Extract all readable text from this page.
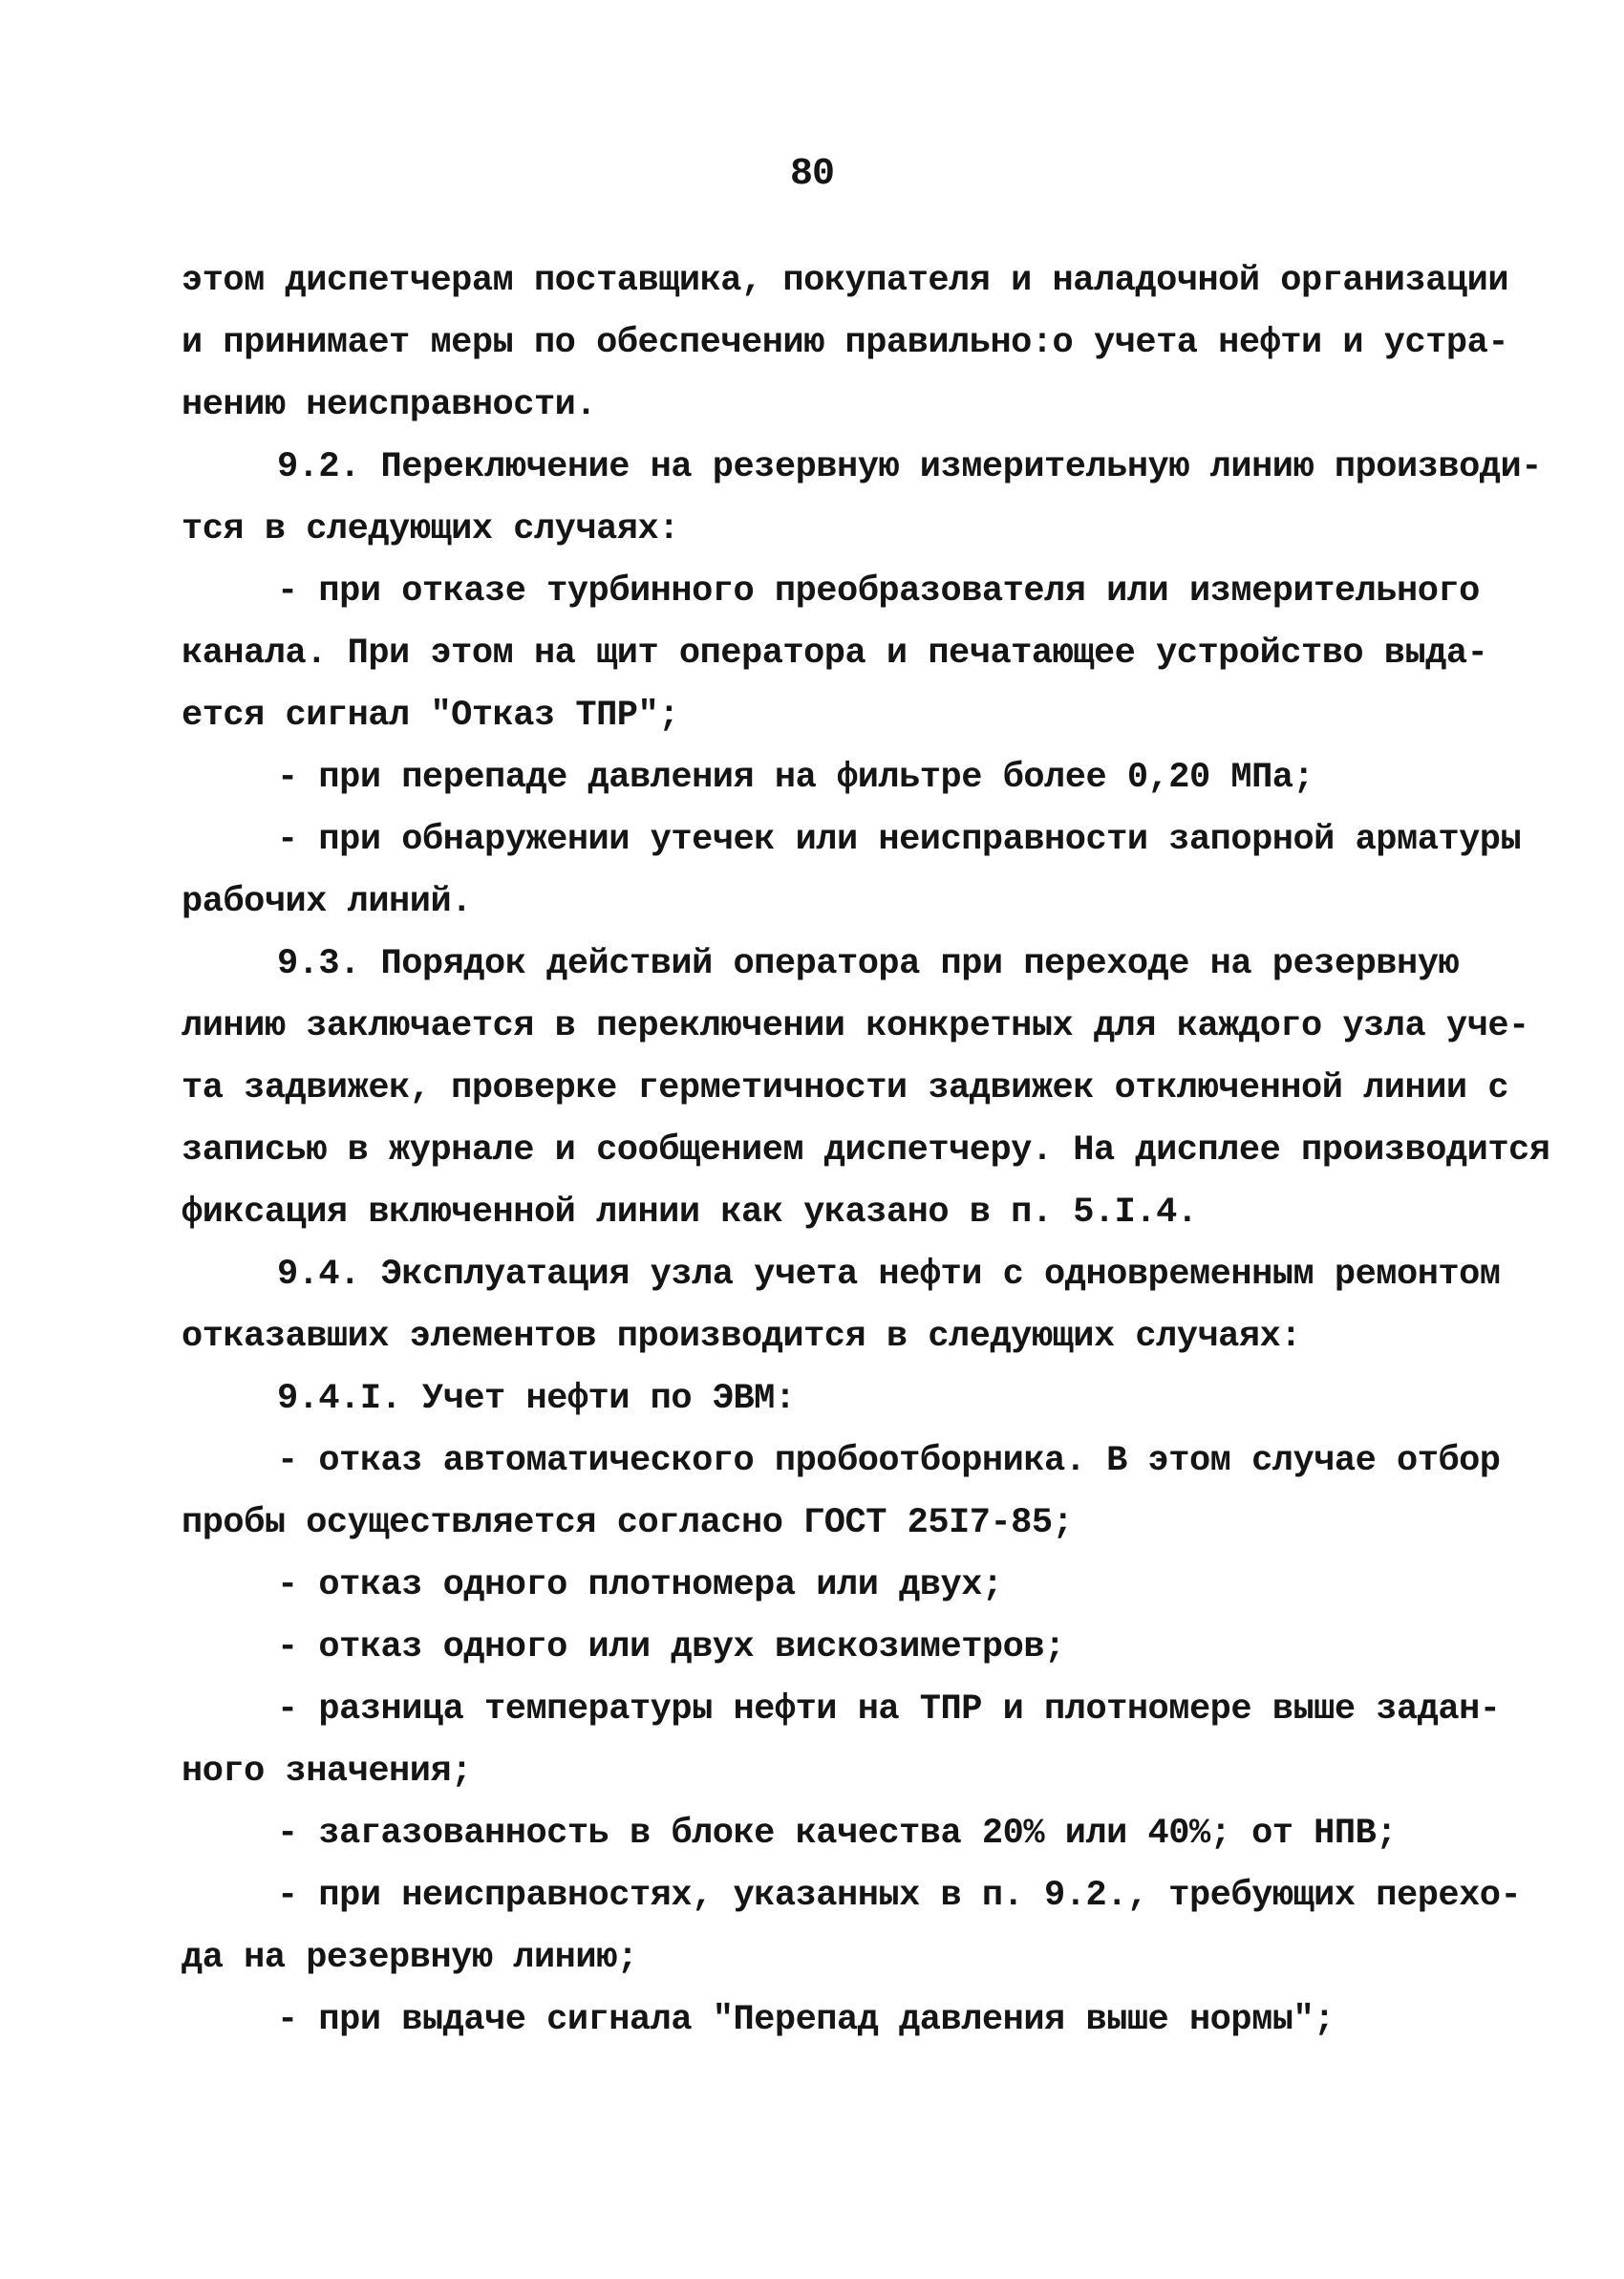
80
этом диспетчерам поставщика, покупателя и наладочной организации
и принимает меры по обеспечению правильно:о учета нефти и устра-
нению неисправности.
9.2. Переключение на резервную измерительную линию производи-
тся в следующих случаях:
- при отказе турбинного преобразователя или измерительного
канала. При этом на щит оператора и печатающее устройство выда-
ется сигнал "Отказ ТПР";
- при перепаде давления на фильтре более 0,20 МПа;
- при обнаружении утечек или неисправности запорной арматуры
рабочих линий.
9.3. Порядок действий оператора при переходе на резервную
линию заключается в переключении конкретных для каждого узла уче-
та задвижек, проверке герметичности задвижек отключенной линии с
записью в журнале и сообщением диспетчеру. На дисплее производится
фиксация включенной линии как указано в п. 5.I.4.
9.4. Эксплуатация узла учета нефти с одновременным ремонтом
отказавших элементов производится в следующих случаях:
9.4.I. Учет нефти по ЭВМ:
- отказ автоматического пробоотборника. В этом случае отбор
пробы осуществляется согласно ГОСТ 25I7-85;
- отказ одного плотномера или двух;
- отказ одного или двух вискозиметров;
- разница температуры нефти на ТПР и плотномере выше задан-
ного значения;
- загазованность в блоке качества 20% или 40%; от НПВ;
- при неисправностях, указанных в п. 9.2., требующих перехо-
да на резервную линию;
- при выдаче сигнала "Перепад давления выше нормы";
